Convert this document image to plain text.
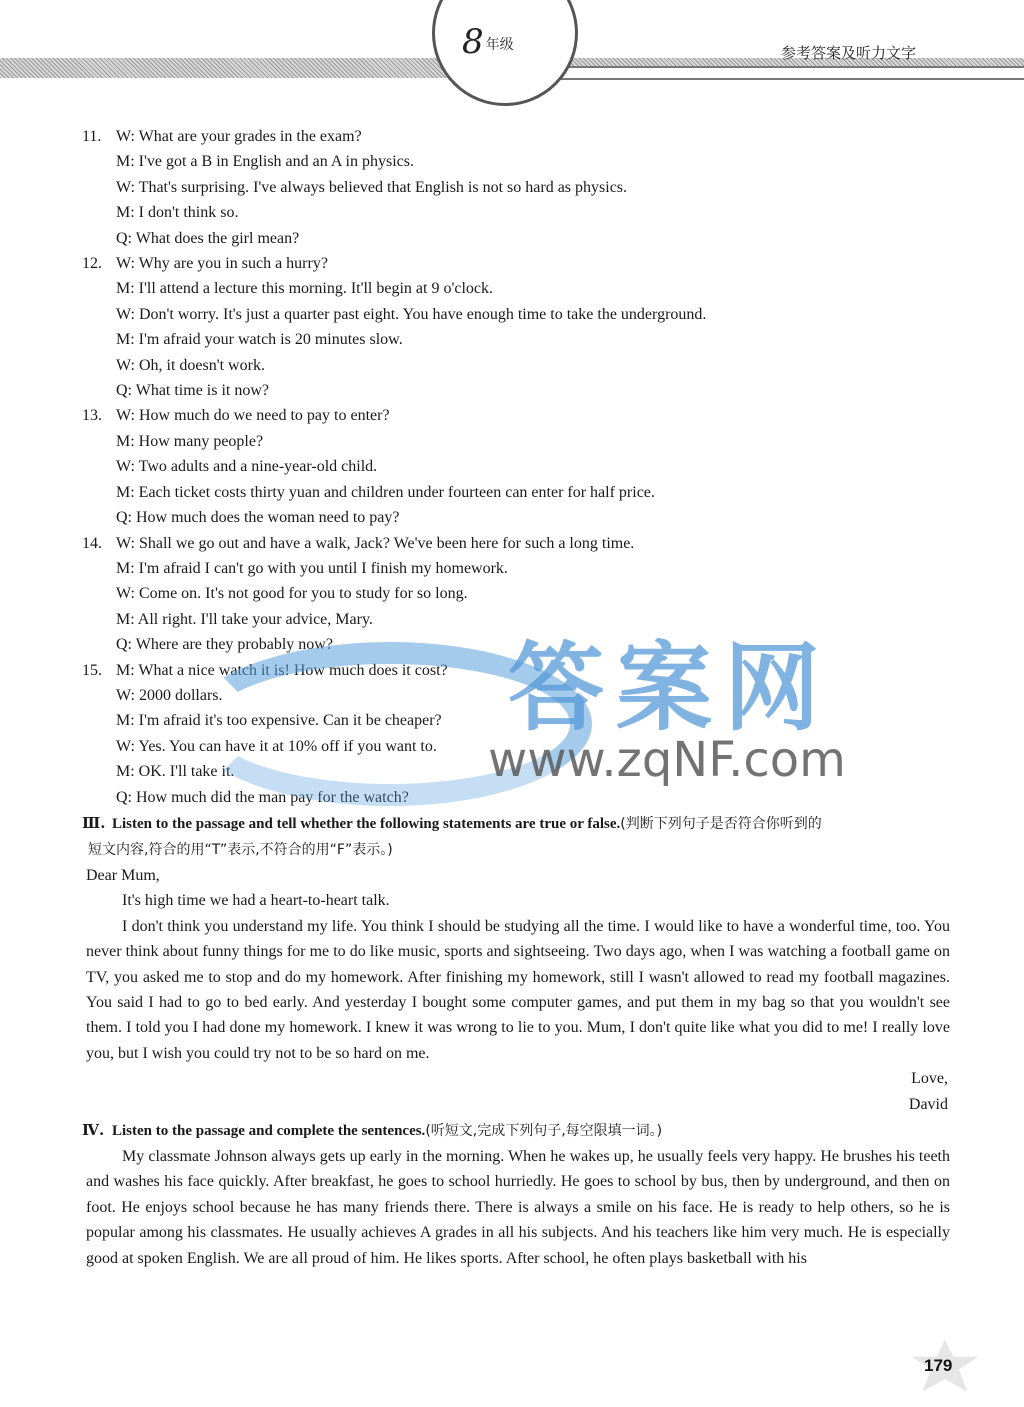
8 年级	参考答案及听力文字
11. W: What are your grades in the exam?
M: I've got a B in English and an A in physics.
W: That's surprising. I've always believed that English is not so hard as physics.
M: I don't think so.
Q: What does the girl mean?
12. W: Why are you in such a hurry?
M: I'll attend a lecture this morning. It'll begin at 9 o'clock.
W: Don't worry. It's just a quarter past eight. You have enough time to take the underground.
M: I'm afraid your watch is 20 minutes slow.
W: Oh, it doesn't work.
Q: What time is it now?
13. W: How much do we need to pay to enter?
M: How many people?
W: Two adults and a nine-year-old child.
M: Each ticket costs thirty yuan and children under fourteen can enter for half price.
Q: How much does the woman need to pay?
14. W: Shall we go out and have a walk, Jack? We've been here for such a long time.
M: I'm afraid I can't go with you until I finish my homework.
W: Come on. It's not good for you to study for so long.
M: All right. I'll take your advice, Mary.
Q: Where are they probably now?
15. M: What a nice watch it is! How much does it cost?
W: 2000 dollars.
M: I'm afraid it's too expensive. Can it be cheaper?
W: Yes. You can have it at 10% off if you want to.
M: OK. I'll take it.
Q: How much did the man pay for the watch?
Ⅲ. Listen to the passage and tell whether the following statements are true or false.(判断下列句子是否符合你听到的
短文内容,符合的用“T”表示,不符合的用“F”表示。)
Dear Mum,

It's high time we had a heart-to-heart talk.

I don't think you understand my life. You think I should be studying all the time. I would like to have a wonderful time, too. You never think about funny things for me to do like music, sports and sightseeing. Two days ago, when I was watching a football game on TV, you asked me to stop and do my homework. After finishing my homework, still I wasn't allowed to read my football magazines. You said I had to go to bed early. And yesterday I bought some computer games, and put them in my bag so that you wouldn't see them. I told you I had done my homework. I knew it was wrong to lie to you. Mum, I don't quite like what you did to me! I really love you, but I wish you could try not to be so hard on me.

Love,
David
Ⅳ. Listen to the passage and complete the sentences.(听短文,完成下列句子,每空限填一词。)

My classmate Johnson always gets up early in the morning. When he wakes up, he usually feels very happy. He brushes his teeth and washes his face quickly. After breakfast, he goes to school hurriedly. He goes to school by bus, then by underground, and then on foot. He enjoys school because he has many friends there. There is always a smile on his face. He is ready to help others, so he is popular among his classmates. He usually achieves A grades in all his subjects. And his teachers like him very much. He is especially good at spoken English. We are all proud of him. He likes sports. After school, he often plays basketball with his

答案网
www.zqNF.com
179
